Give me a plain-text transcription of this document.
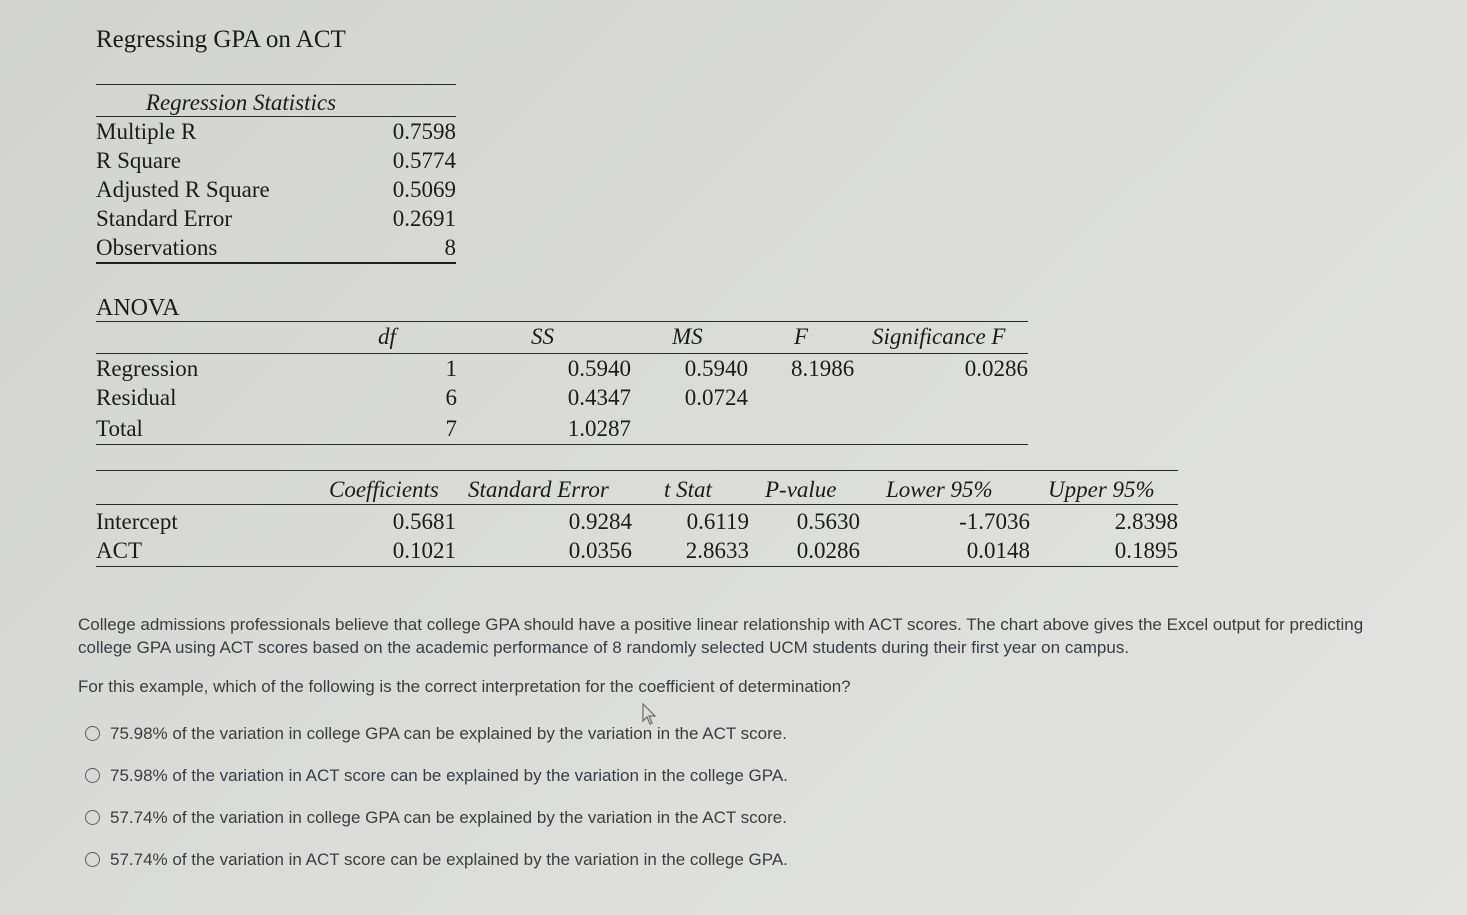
Regressing GPA on ACT
Regression Statistics
Multiple R	0.7598
R Square	0.5774
Adjusted R Square	0.5069
Standard Error	0.2691
Observations	8
ANOVA
df	SS	MS	F	Significance F
Regression	1	0.5940 0.5940 8.1986	0.0286
Residual	6	0.4347 0.0724
Total	7	1.0287
Coefficients Standard Error t Stat P-value Lower 95% Upper 95%
Intercept	0.5681	0.9284 0.6119 0.5630	-1.7036	2.8398
ACT	0.1021	0.0356 2.8633 0.0286	0.0148	0.1895

College admissions professionals believe that college GPA should have a positive linear relationship with ACT scores. The chart above gives the Excel output for predicting

college GPA using ACT scores based on the academic performance of 8 randomly selected UCM students during their first year on campus.

For this example, which of the following is the correct interpretation for the coefficient of determination?

75.98% of the variation in college GPA can be explained by the variation in the ACT score.
75.98% of the variation in ACT score can be explained by the variation in the college GPA.
57.74% of the variation in college GPA can be explained by the variation in the ACT score.
57.74% of the variation in ACT score can be explained by the variation in the college GPA.
